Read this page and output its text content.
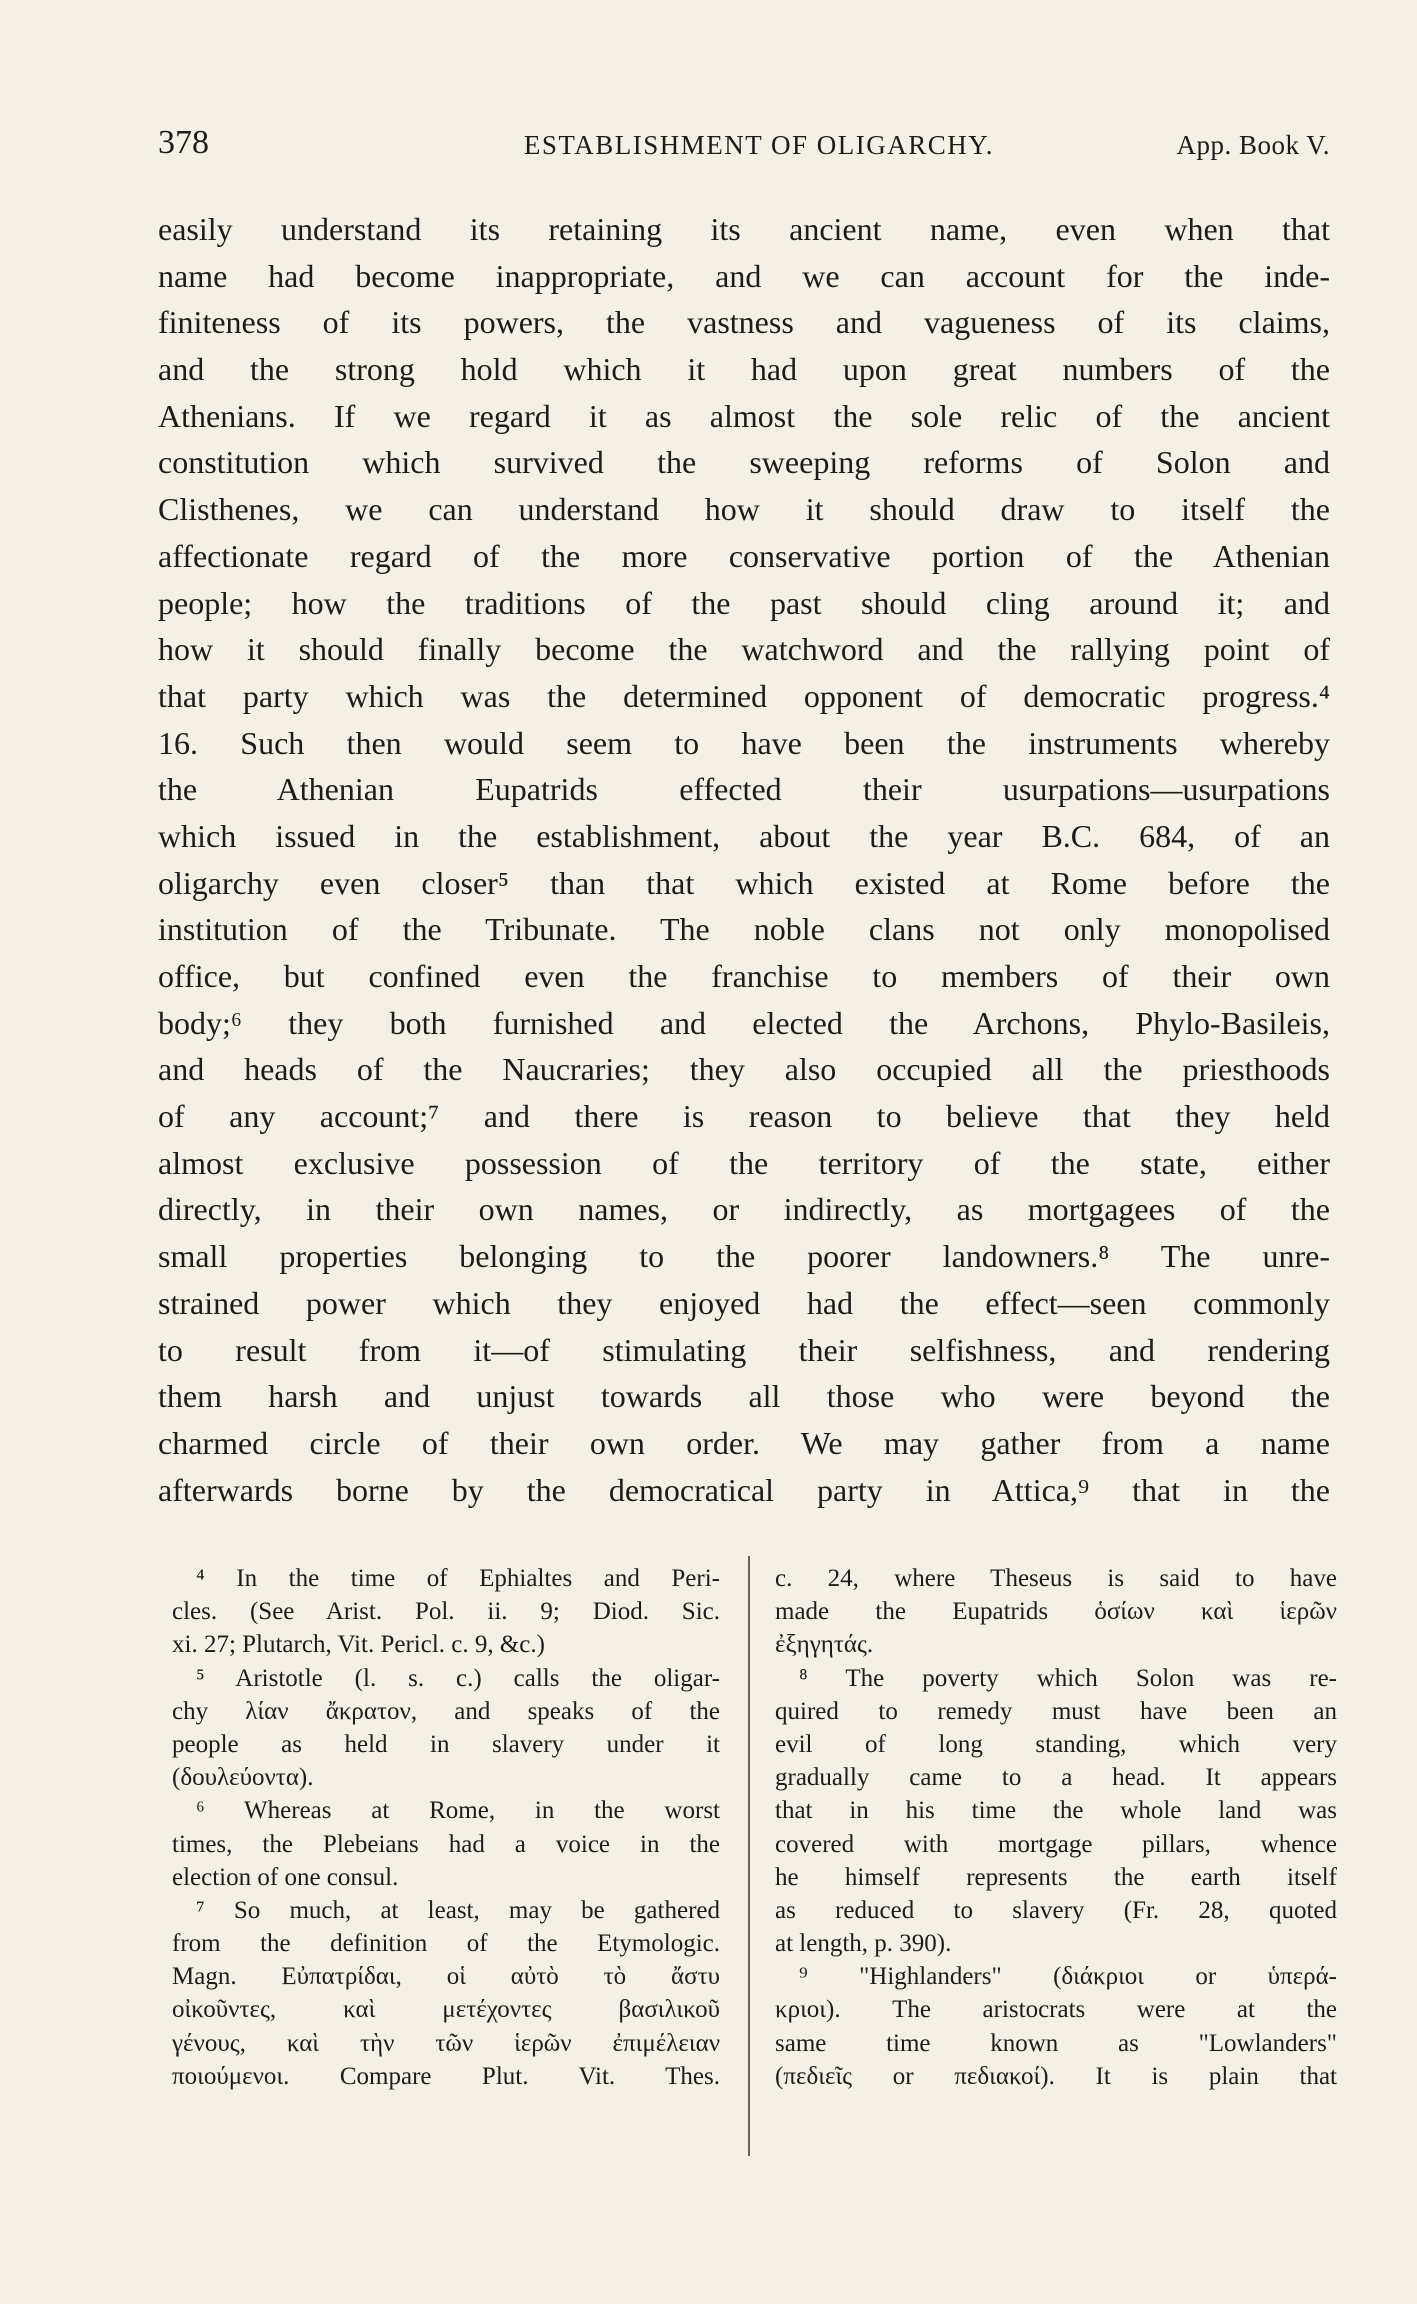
378	ESTABLISHMENT OF OLIGARCHY.	App. Book V.
easily understand its retaining its ancient name, even when that
name had become inappropriate, and we can account for the inde-
finiteness of its powers, the vastness and vagueness of its claims,
and the strong hold which it had upon great numbers of the
Athenians. If we regard it as almost the sole relic of the ancient
constitution which survived the sweeping reforms of Solon and
Clisthenes, we can understand how it should draw to itself the
affectionate regard of the more conservative portion of the Athenian
people; how the traditions of the past should cling around it; and
how it should finally become the watchword and the rallying point of
that party which was the determined opponent of democratic progress.⁴
16. Such then would seem to have been the instruments whereby
the Athenian Eupatrids effected their usurpations—usurpations
which issued in the establishment, about the year B.C. 684, of an
oligarchy even closer⁵ than that which existed at Rome before the
institution of the Tribunate. The noble clans not only monopolised
office, but confined even the franchise to members of their own
body;⁶ they both furnished and elected the Archons, Phylo-Basileis,
and heads of the Naucraries; they also occupied all the priesthoods
of any account;⁷ and there is reason to believe that they held
almost exclusive possession of the territory of the state, either
directly, in their own names, or indirectly, as mortgagees of the
small properties belonging to the poorer landowners.⁸ The unre-
strained power which they enjoyed had the effect—seen commonly
to result from it—of stimulating their selfishness, and rendering
them harsh and unjust towards all those who were beyond the
charmed circle of their own order. We may gather from a name
afterwards borne by the democratical party in Attica,⁹ that in the
⁴ In the time of Ephialtes and Peri-
cles. (See Arist. Pol. ii. 9; Diod. Sic.
xi. 27; Plutarch, Vit. Pericl. c. 9, &c.)
⁵ Aristotle (l. s. c.) calls the oligar-
chy λίαν ἄκρατον, and speaks of the
people as held in slavery under it
(δουλεύοντα).
⁶ Whereas at Rome, in the worst
times, the Plebeians had a voice in the
election of one consul.
⁷ So much, at least, may be gathered
from the definition of the Etymologic.
Magn. Εὐπατρίδαι, οἱ αὐτὸ τὸ ἄστυ
οἰκοῦντες, καὶ μετέχοντες βασιλικοῦ
γένους, καὶ τὴν τῶν ἱερῶν ἐπιμέλειαν
ποιούμενοι. Compare Plut. Vit. Thes.
c. 24, where Theseus is said to have
made the Eupatrids ὁσίων καὶ ἱερῶν
ἐξηγητάς.
⁸ The poverty which Solon was re-
quired to remedy must have been an
evil of long standing, which very
gradually came to a head. It appears
that in his time the whole land was
covered with mortgage pillars, whence
he himself represents the earth itself
as reduced to slavery (Fr. 28, quoted
at length, p. 390).
⁹ "Highlanders" (διάκριοι or ὑπερά-
κριοι). The aristocrats were at the
same time known as "Lowlanders"
(πεδιεῖς or πεδιακοί). It is plain that
